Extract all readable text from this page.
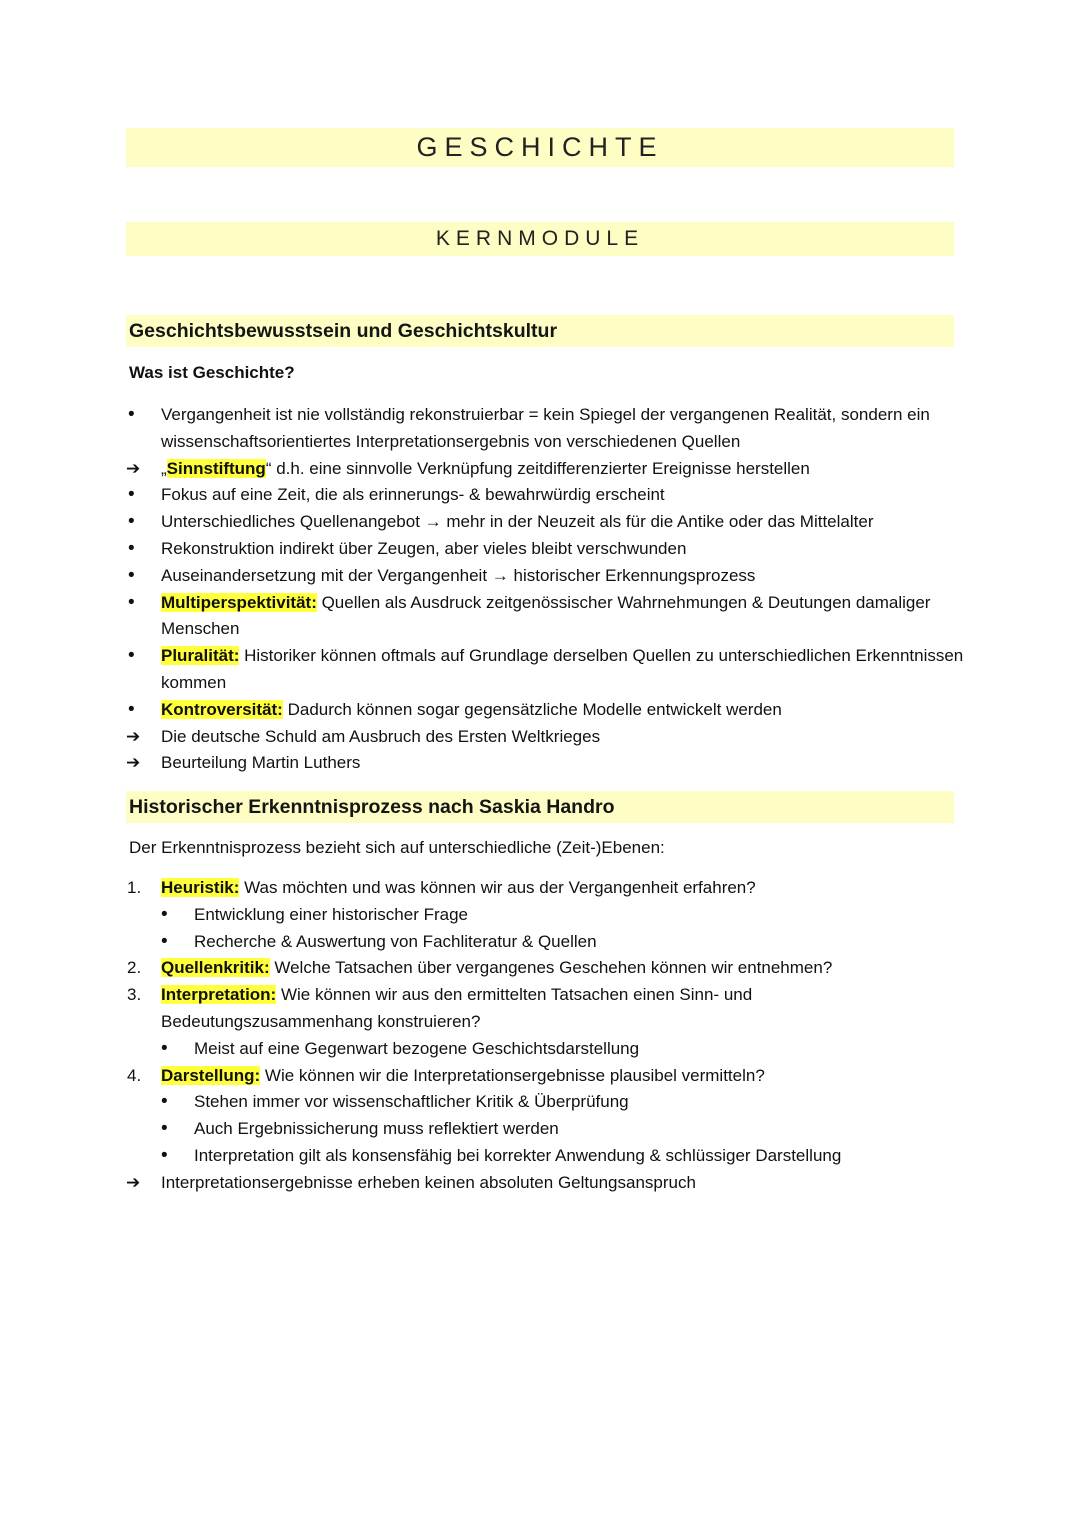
GESCHICHTE
KERNMODULE
Geschichtsbewusstsein und Geschichtskultur
Was ist Geschichte?
•
Vergangenheit ist nie vollständig rekonstruierbar = kein Spiegel der vergangenen Realität, sondern ein wissenschaftsorientiertes Interpretationsergebnis von verschiedenen Quellen
➔	„Sinnstiftung“ d.h. eine sinnvolle Verknüpfung zeitdifferenzierter Ereignisse herstellen
•
Fokus auf eine Zeit, die als erinnerungs- & bewahrwürdig erscheint
•
Unterschiedliches Quellenangebot → mehr in der Neuzeit als für die Antike oder das Mittelalter
•
Rekonstruktion indirekt über Zeugen, aber vieles bleibt verschwunden
•
Auseinandersetzung mit der Vergangenheit → historischer Erkennungsprozess
•
Multiperspektivität: Quellen als Ausdruck zeitgenössischer Wahrnehmungen & Deutungen damaliger Menschen
•
Pluralität: Historiker können oftmals auf Grundlage derselben Quellen zu unterschiedlichen Erkenntnissen kommen
•
Kontroversität: Dadurch können sogar gegensätzliche Modelle entwickelt werden
➔	Die deutsche Schuld am Ausbruch des Ersten Weltkrieges
➔	Beurteilung Martin Luthers
Historischer Erkenntnisprozess nach Saskia Handro
Der Erkenntnisprozess bezieht sich auf unterschiedliche (Zeit-)Ebenen:
1.	Heuristik: Was möchten und was können wir aus der Vergangenheit erfahren?
•
Entwicklung einer historischer Frage
•
Recherche & Auswertung von Fachliteratur & Quellen
2.	Quellenkritik: Welche Tatsachen über vergangenes Geschehen können wir entnehmen?
3.	Interpretation: Wie können wir aus den ermittelten Tatsachen einen Sinn- und Bedeutungszusammenhang konstruieren?
•
Meist auf eine Gegenwart bezogene Geschichtsdarstellung
4.	Darstellung: Wie können wir die Interpretationsergebnisse plausibel vermitteln?
•
Stehen immer vor wissenschaftlicher Kritik & Überprüfung
•
Auch Ergebnissicherung muss reflektiert werden
•
Interpretation gilt als konsensfähig bei korrekter Anwendung & schlüssiger Darstellung
➔	Interpretationsergebnisse erheben keinen absoluten Geltungsanspruch
